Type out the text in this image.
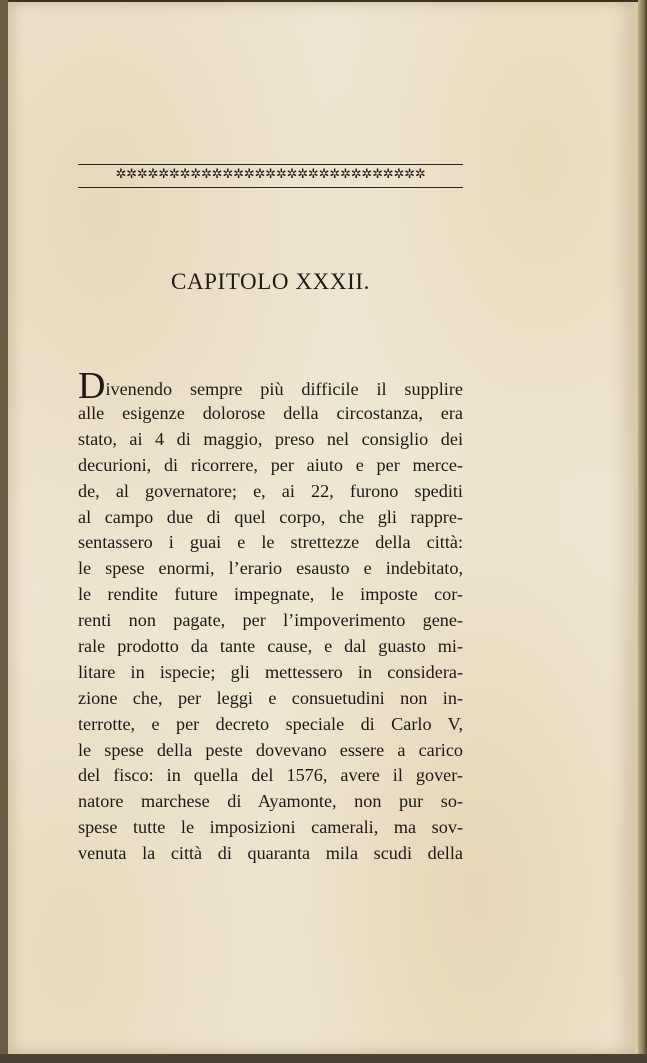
✲✲✲✲✲✲✲✲✲✲✲✲✲✲✲✲✲✲✲✲✲✲✲✲✲✲✲✲✲
CAPITOLO XXXII.
Divenendo sempre più difficile il supplire
alle esigenze dolorose della circostanza, era
stato, ai 4 di maggio, preso nel consiglio dei
decurioni, di ricorrere, per aiuto e per merce-
de, al governatore; e, ai 22, furono spediti
al campo due di quel corpo, che gli rappre-
sentassero i guai e le strettezze della città:
le spese enormi, l’erario esausto e indebitato,
le rendite future impegnate, le imposte cor-
renti non pagate, per l’impoverimento gene-
rale prodotto da tante cause, e dal guasto mi-
litare in ispecie; gli mettessero in considera-
zione che, per leggi e consuetudini non in-
terrotte, e per decreto speciale di Carlo V,
le spese della peste dovevano essere a carico
del fisco: in quella del 1576, avere il gover-
natore marchese di Ayamonte, non pur so-
spese tutte le imposizioni camerali, ma sov-
venuta la città di quaranta mila scudi della
